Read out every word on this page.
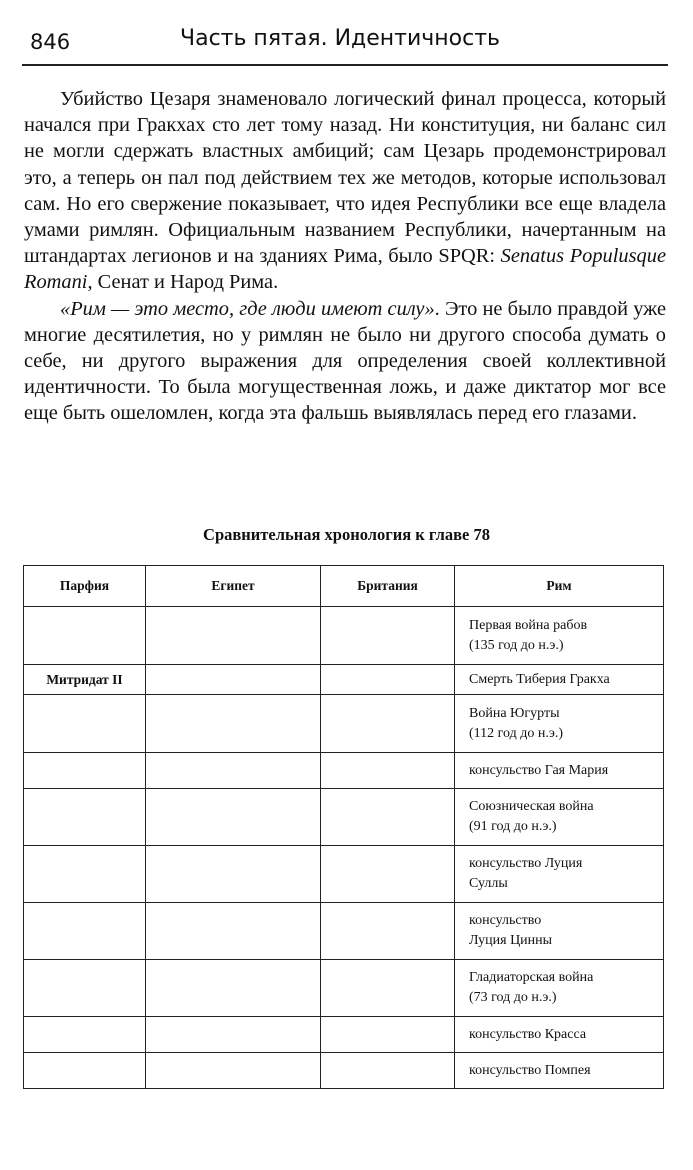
846	Часть пятая. Идентичность

Убийство Цезаря знаменовало логический финал процесса, который начался при Гракхах сто лет тому назад. Ни конституция, ни баланс сил не могли сдержать властных амбиций; сам Цезарь продемонстрировал это, а теперь он пал под действием тех же методов, которые использовал сам. Но его свержение показывает, что идея Республики все еще владела умами римлян. Официальным названием Республики, начертанным на штандартах легионов и на зданиях Рима, было SPQR: Senatus Populusque Romani, Сенат и Народ Рима.

«Рим — это место, где люди имеют силу». Это не было правдой уже многие десятилетия, но у римлян не было ни другого способа думать о себе, ни другого выражения для определения своей коллективной идентичности. То была могущественная ложь, и даже диктатор мог все еще быть ошеломлен, когда эта фальшь выявлялась перед его глазами.

Сравнительная хронология к главе 78
Парфия	Египет	Британия	Рим

			Первая война рабов
(135 год до н.э.)

Митридат II			Смерть Тиберия Гракха

			Война Югурты
(112 год до н.э.)

			консульство Гая Мария

			Союзническая война
(91 год до н.э.)

			консульство Луция
Суллы

			консульство
Луция Цинны

			Гладиаторская война
(73 год до н.э.)

			консульство Красса

			консульство Помпея
